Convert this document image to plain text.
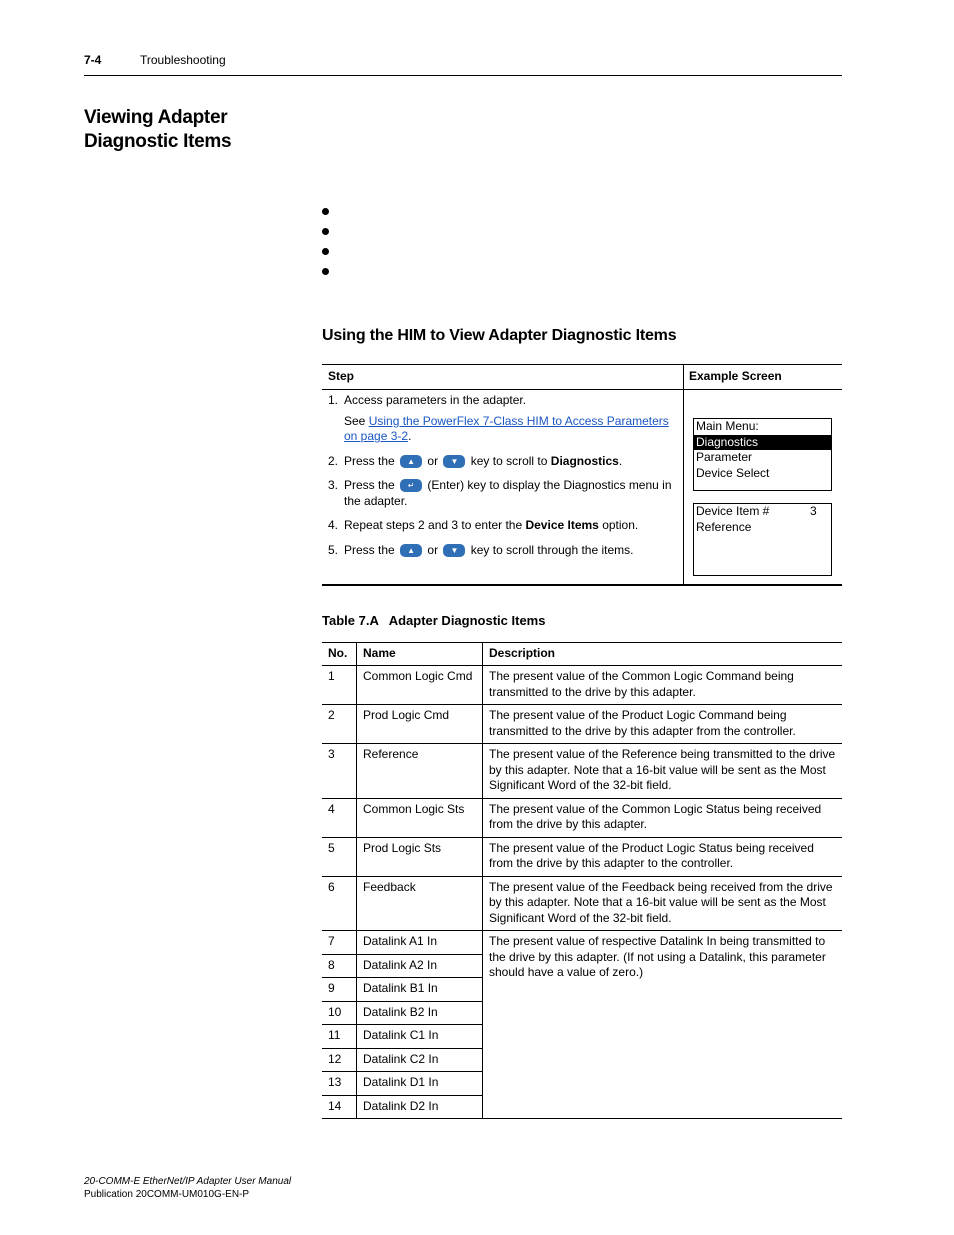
7-4	Troubleshooting
Viewing Adapter Diagnostic Items
Using the HIM to View Adapter Diagnostic Items
Step	Example Screen
1. Access parameters in the adapter.
See Using the PowerFlex 7-Class HIM to Access Parameters on page 3-2.
2. Press the ▲ or ▼ key to scroll to Diagnostics.
3. Press the ↵ (Enter) key to display the Diagnostics menu in the adapter.
4. Repeat steps 2 and 3 to enter the Device Items option.
5. Press the ▲ or ▼ key to scroll through the items.
Main Menu:
Diagnostics
Parameter
Device Select
Device Item #	3
Reference
Table 7.A   Adapter Diagnostic Items
No.	Name	Description
1	Common Logic Cmd	The present value of the Common Logic Command being transmitted to the drive by this adapter.
2	Prod Logic Cmd	The present value of the Product Logic Command being transmitted to the drive by this adapter from the controller.
3	Reference	The present value of the Reference being transmitted to the drive by this adapter. Note that a 16-bit value will be sent as the Most Significant Word of the 32-bit field.
4	Common Logic Sts	The present value of the Common Logic Status being received from the drive by this adapter.
5	Prod Logic Sts	The present value of the Product Logic Status being received from the drive by this adapter to the controller.
6	Feedback	The present value of the Feedback being received from the drive by this adapter. Note that a 16-bit value will be sent as the Most Significant Word of the 32-bit field.
7	Datalink A1 In	The present value of respective Datalink In being transmitted to the drive by this adapter. (If not using a Datalink, this parameter should have a value of zero.)
8	Datalink A2 In	
9	Datalink B1 In	
10	Datalink B2 In	
11	Datalink C1 In	
12	Datalink C2 In	
13	Datalink D1 In	
14	Datalink D2 In	
20-COMM-E EtherNet/IP Adapter User Manual
Publication 20COMM-UM010G-EN-P
